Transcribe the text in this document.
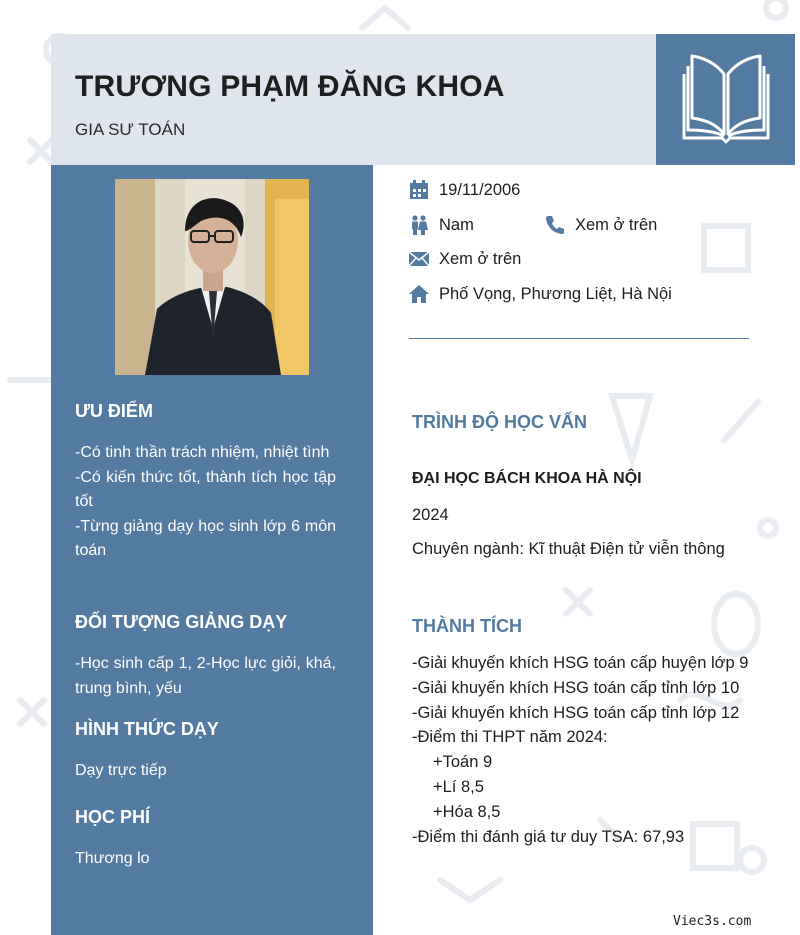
TRƯƠNG PHẠM ĐĂNG KHOA

GIA SƯ TOÁN

ƯU ĐIỂM
-Có tinh thần trách nhiệm, nhiệt tình
-Có kiến thức tốt, thành tích học tập tốt
-Từng giảng dạy học sinh lớp 6 môn toán
ĐỐI TƯỢNG GIẢNG DẠY
-Học sinh cấp 1, 2-Học lực giỏi, khá, trung bình, yếu
HÌNH THỨC DẠY
Dạy trực tiếp
HỌC PHÍ
Thương lo
19/11/2006
Nam	Xem ở trên
Xem ở trên
Phố Vọng, Phương Liệt, Hà Nội
TRÌNH ĐỘ HỌC VẤN

ĐẠI HỌC BÁCH KHOA HÀ NỘI

2024

Chuyên ngành: Kĩ thuật Điện tử viễn thông

THÀNH TÍCH
-Giải khuyến khích HSG toán cấp huyện lớp 9
-Giải khuyến khích HSG toán cấp tỉnh lớp 10
-Giải khuyến khích HSG toán cấp tỉnh lớp 12
-Điểm thi THPT năm 2024:
+Toán 9
+Lí 8,5
+Hóa 8,5
-Điểm thi đánh giá tư duy TSA: 67,93

Viec3s.com
